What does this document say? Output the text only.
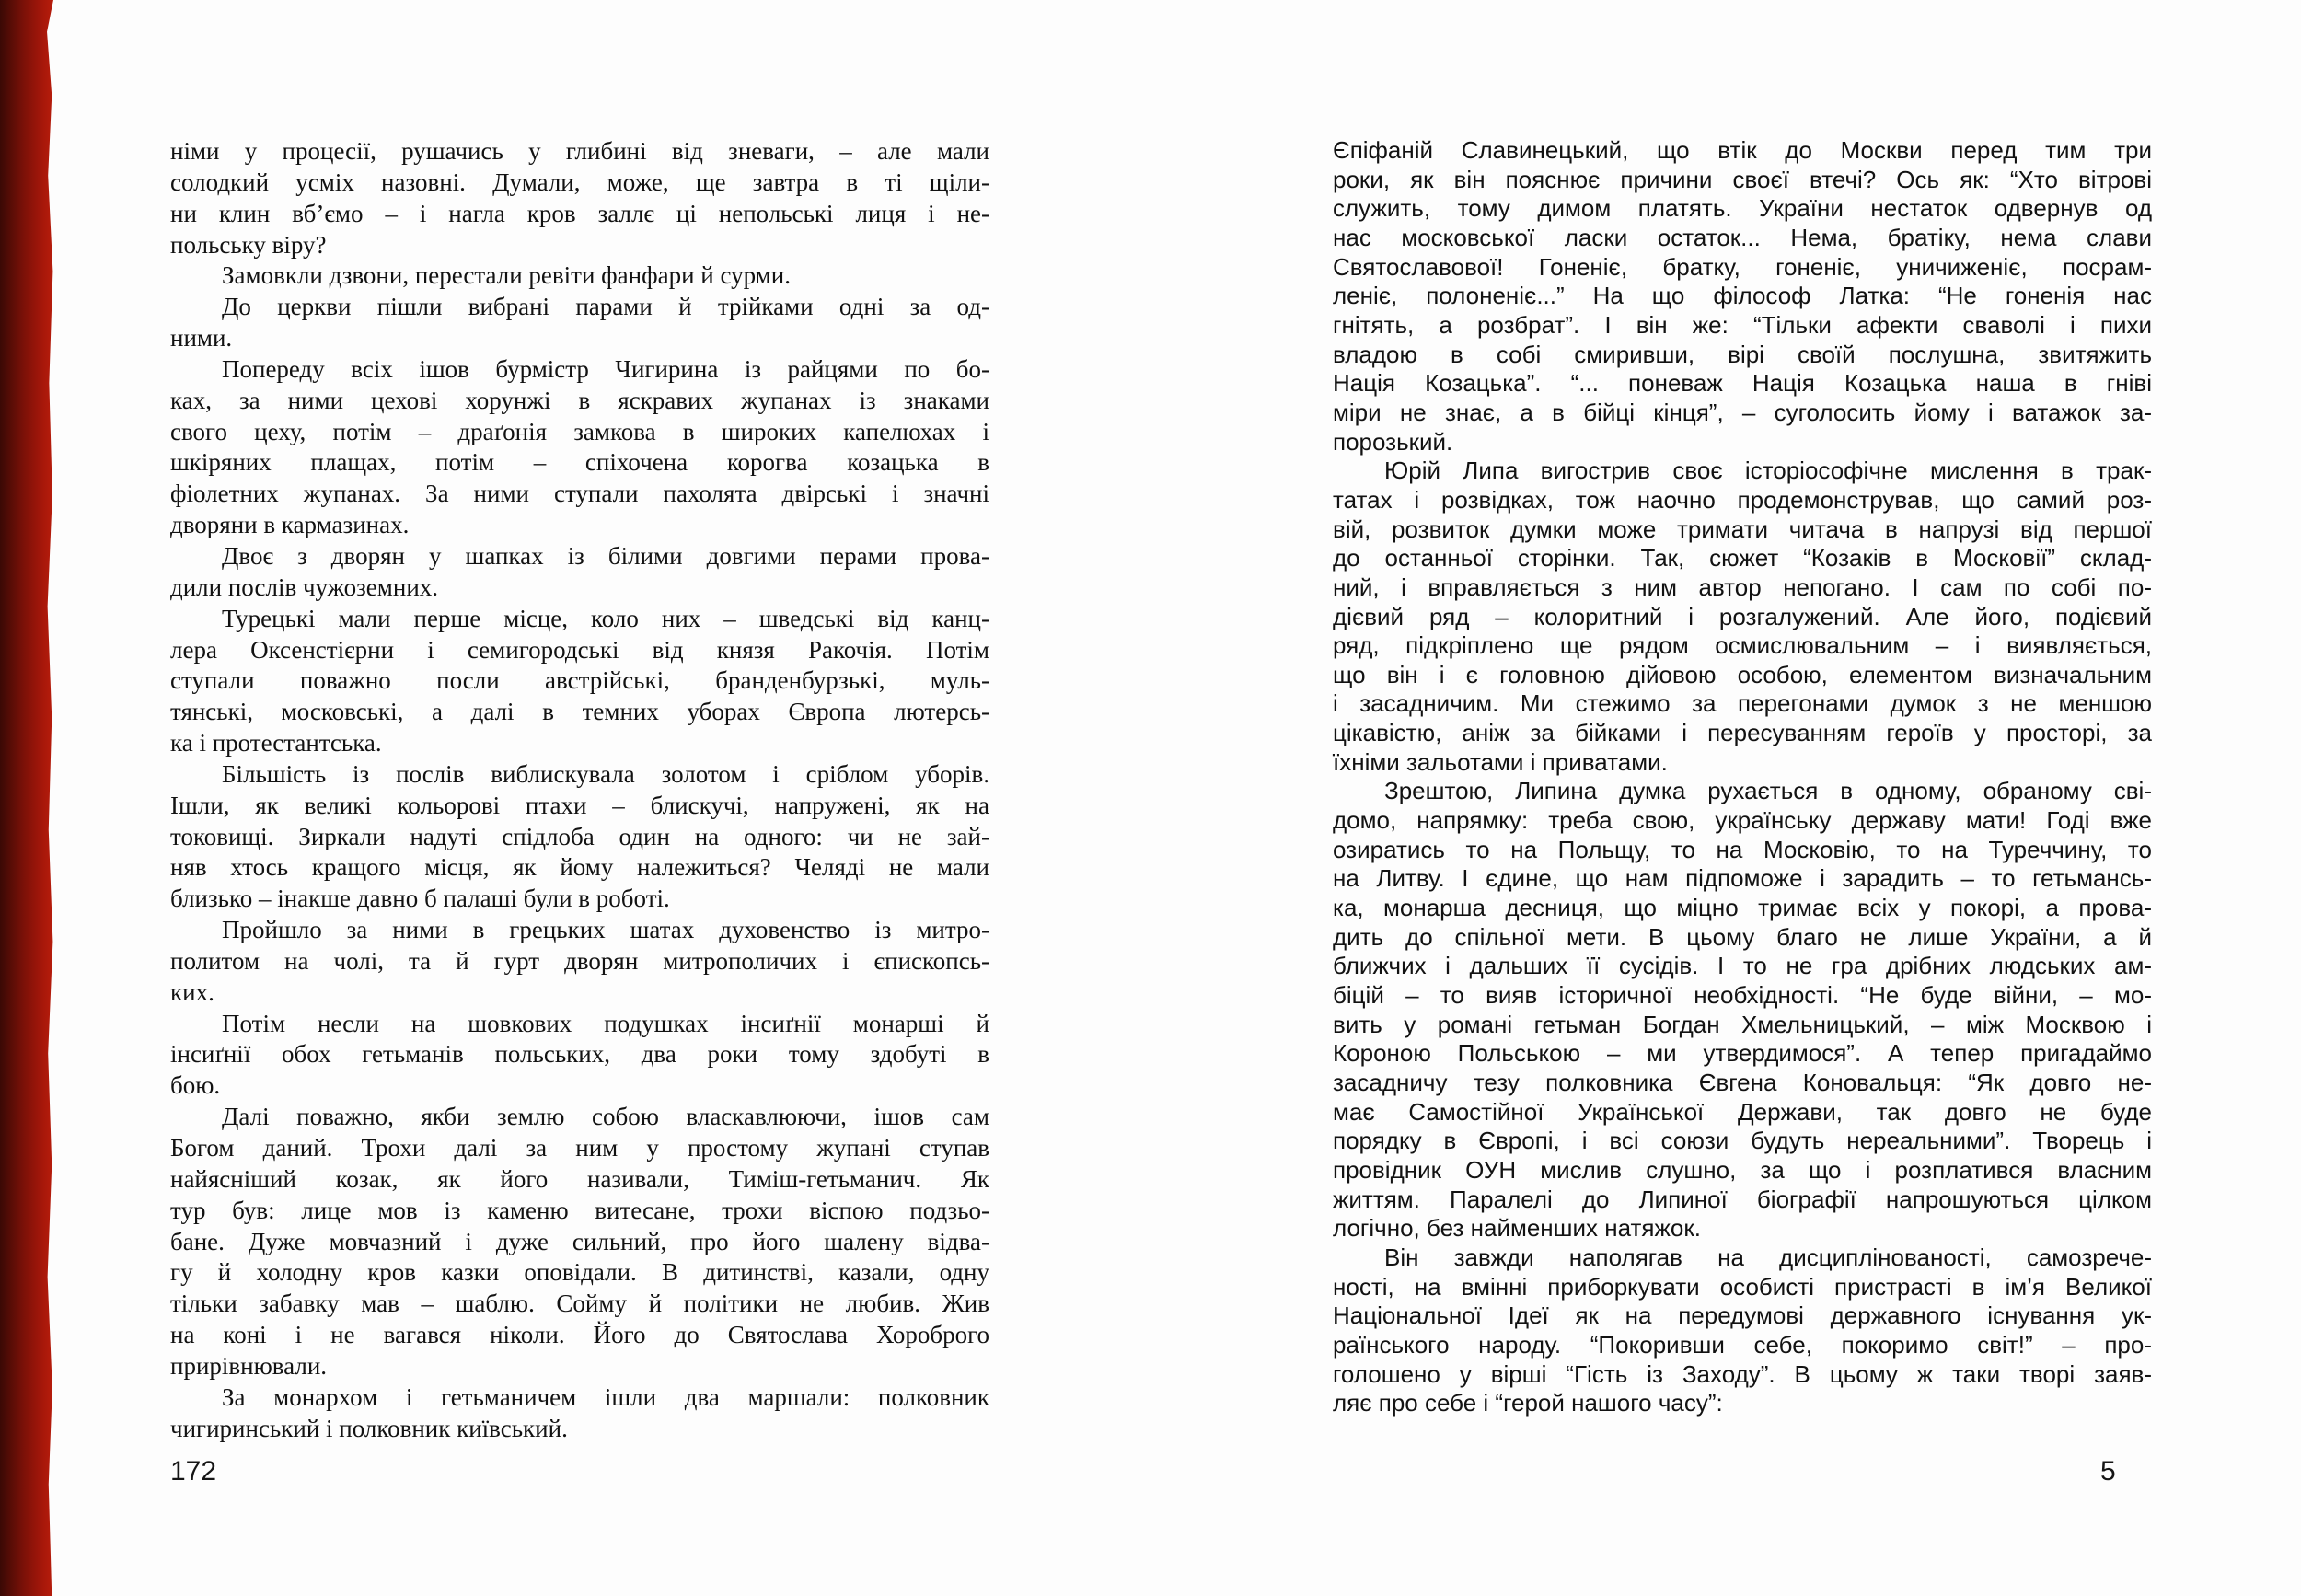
німи у процесії, рушачись у глибині від зневаги, – але мали
солодкий усміх назовні. Думали, може, ще завтра в ті щіли-
ни клин вб’ємо – і нагла кров заллє ці непольські лиця і не-
польську віру?
Замовкли дзвони, перестали ревіти фанфари й сурми.
До церкви пішли вибрані парами й трійками одні за од-
ними.
Попереду всіх ішов бурмістр Чигирина із райцями по бо-
ках, за ними цехові хорунжі в яскравих жупанах із знаками
свого цеху, потім – драґонія замкова в широких капелюхах і
шкіряних плащах, потім – спіхочена корогва козацька в
фіолетних жупанах. За ними ступали пахолята двірські і значні
дворяни в кармазинах.
Двоє з дворян у шапках із білими довгими перами прова-
дили послів чужоземних.
Турецькі мали перше місце, коло них – шведські від канц-
лера Оксенстієрни і семигородські від князя Ракочія. Потім
ступали поважно посли австрійські, бранденбурзькі, муль-
тянські, московські, а далі в темних уборах Європа лютерсь-
ка і протестантська.
Більшість із послів виблискувала золотом і сріблом уборів.
Ішли, як великі кольорові птахи – блискучі, напружені, як на
токовищі. Зиркали надуті спідлоба один на одного: чи не зай-
няв хтось кращого місця, як йому належиться? Челяді не мали
близько – інакше давно б палаші були в роботі.
Пройшло за ними в грецьких шатах духовенство із митро-
политом на чолі, та й гурт дворян митрополичих і єпископсь-
ких.
Потім несли на шовкових подушках інсиґнії монарші й
інсиґнії обох гетьманів польських, два роки тому здобуті в
бою.
Далі поважно, якби землю собою власкавлюючи, ішов сам
Богом даний. Трохи далі за ним у простому жупані ступав
найясніший козак, як його називали, Тиміш-гетьманич. Як
тур був: лице мов із каменю витесане, трохи віспою подзьо-
бане. Дуже мовчазний і дуже сильний, про його шалену відва-
гу й холодну кров казки оповідали. В дитинстві, казали, одну
тільки забавку мав – шаблю. Сойму й політики не любив. Жив
на коні і не вагався ніколи. Його до Святослава Хороброго
прирівнювали.
За монархом і гетьманичем ішли два маршали: полковник
чигиринський і полковник київський.
Єпіфаній Славинецький, що втік до Москви перед тим три
роки, як він пояснює причини своєї втечі? Ось як: “Хто вітрові
служить, тому димом платять. України нестаток одвернув од
нас московської ласки остаток... Нема, братіку, нема слави
Святославової! Гоненіє, братку, гоненіє, уничиженіє, посрам-
леніє, полоненіє...” На що філософ Латка: “Не гоненія нас
гнітять, а розбрат”. І він же: “Тільки афекти сваволі і пихи
владою в собі смиривши, вірі своїй послушна, звитяжить
Нація Козацька”. “... поневаж Нація Козацька наша в гніві
міри не знає, а в бійці кінця”, – суголосить йому і ватажок за-
порозький.
Юрій Липа вигострив своє історіософічне мислення в трак-
татах і розвідках, тож наочно продемонстрував, що самий роз-
вій, розвиток думки може тримати читача в напрузі від першої
до останньої сторінки. Так, сюжет “Козаків в Московії” склад-
ний, і вправляється з ним автор непогано. І сам по собі по-
дієвий ряд – колоритний і розгалужений. Але його, подієвий
ряд, підкріплено ще рядом осмислювальним – і виявляється,
що він і є головною дійовою особою, елементом визначальним
і засадничим. Ми стежимо за перегонами думок з не меншою
цікавістю, аніж за бійками і пересуванням героїв у просторі, за
їхніми зальотами і приватами.
Зрештою, Липина думка рухається в одному, обраному сві-
домо, напрямку: треба свою, українську державу мати! Годі вже
озиратись то на Польщу, то на Московію, то на Туреччину, то
на Литву. І єдине, що нам підпоможе і зарадить – то гетьмансь-
ка, монарша десниця, що міцно тримає всіх у покорі, а прова-
дить до спільної мети. В цьому благо не лише України, а й
ближчих і дальших її сусідів. І то не гра дрібних людських ам-
біцій – то вияв історичної необхідності. “Не буде війни, – мо-
вить у романі гетьман Богдан Хмельницький, – між Москвою і
Короною Польською – ми утвердимося”. А тепер пригадаймо
засадничу тезу полковника Євгена Коновальця: “Як довго не-
має Самостійної Української Держави, так довго не буде
порядку в Європі, і всі союзи будуть нереальними”. Творець і
провідник ОУН мислив слушно, за що і розплатився власним
життям. Паралелі до Липиної біографії напрошуються цілком
логічно, без найменших натяжок.
Він завжди наполягав на дисциплінованості, самозрече-
ності, на вмінні приборкувати особисті пристрасті в ім’я Великої
Національної Ідеї як на передумові державного існування ук-
раїнського народу. “Покоривши себе, покоримо світ!” – про-
голошено у вірші “Гість із Заходу”. В цьому ж таки творі заяв-
ляє про себе і “герой нашого часу”:
172	5
